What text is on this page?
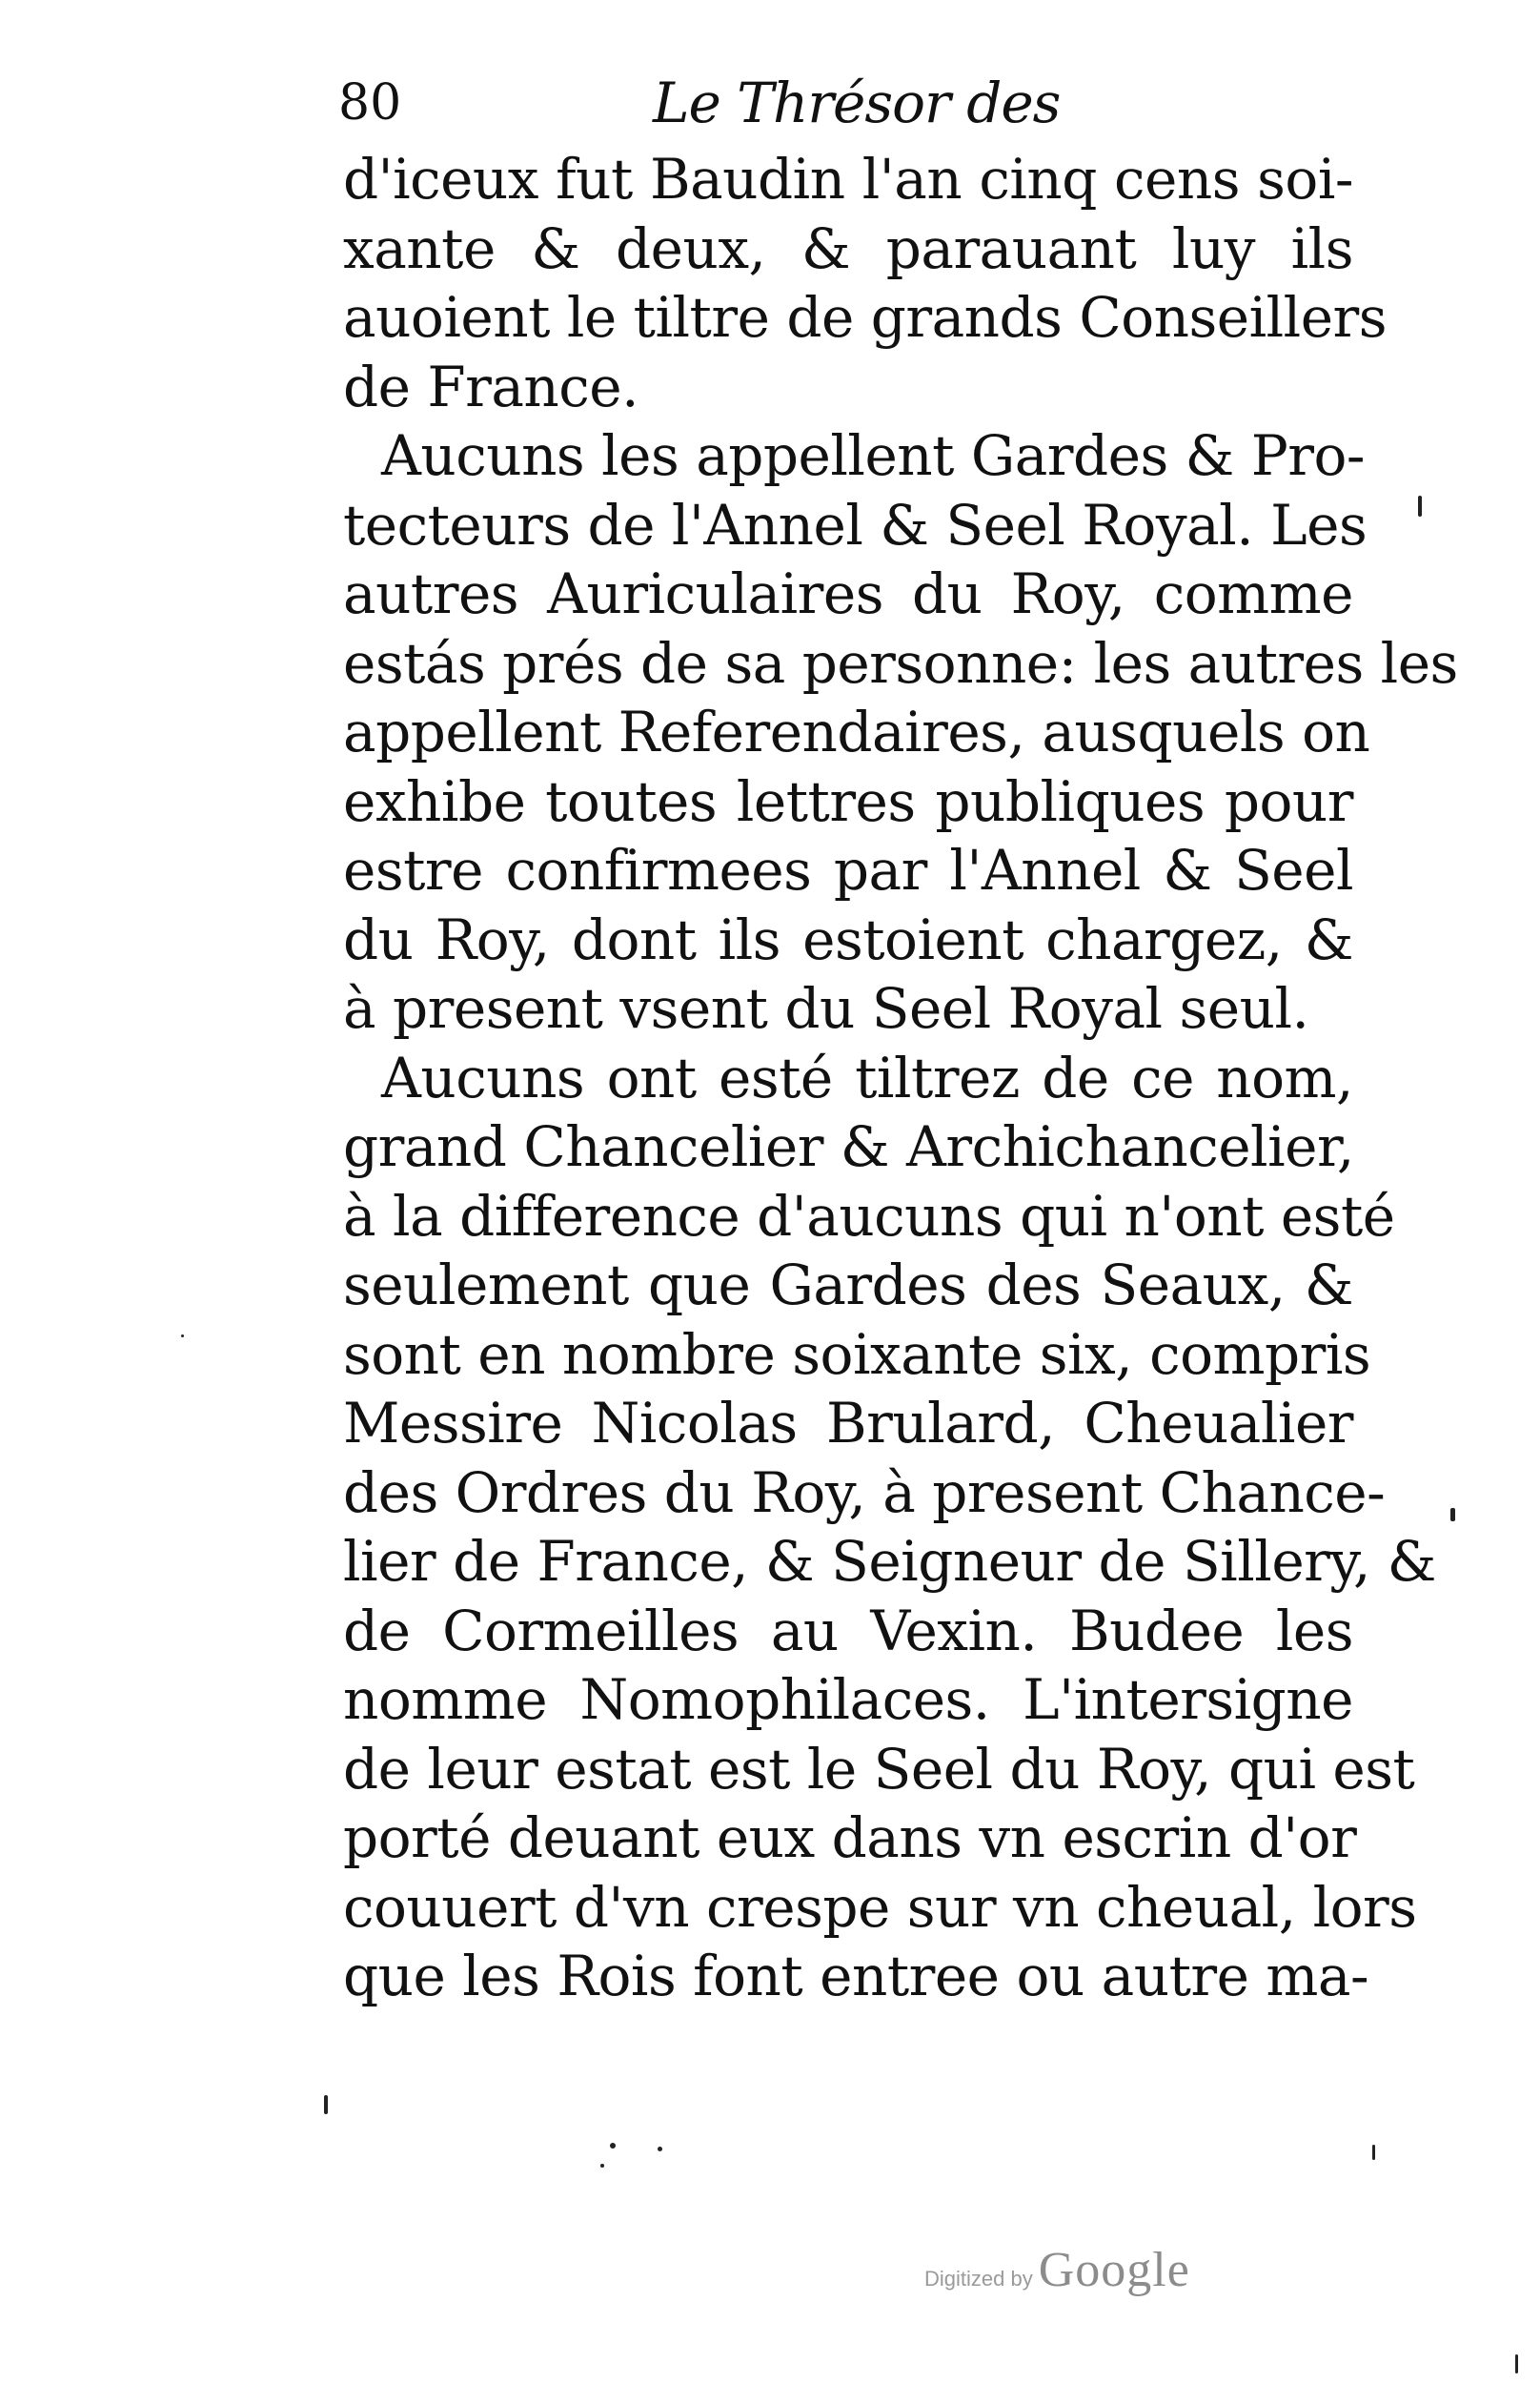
80	Le Thrésor des
d'iceux fut Baudin l'an cinq cens soi-
xante & deux, & parauant luy ils
auoient le tiltre de grands Conseillers
de France.
Aucuns les appellent Gardes & Pro-
tecteurs de l'Annel & Seel Royal. Les
autres Auriculaires du Roy, comme
estás prés de sa personne: les autres les
appellent Referendaires, ausquels on
exhibe toutes lettres publiques pour
estre confirmees par l'Annel & Seel
du Roy, dont ils estoient chargez, &
à present vsent du Seel Royal seul.
Aucuns ont esté tiltrez de ce nom,
grand Chancelier & Archichancelier,
à la difference d'aucuns qui n'ont esté
seulement que Gardes des Seaux, &
sont en nombre soixante six, compris
Messire Nicolas Brulard, Cheualier
des Ordres du Roy, à present Chance-
lier de France, & Seigneur de Sillery, &
de Cormeilles au Vexin. Budee les
nomme Nomophilaces. L'intersigne
de leur estat est le Seel du Roy, qui est
porté deuant eux dans vn escrin d'or
couuert d'vn crespe sur vn cheual, lors
que les Rois font entree ou autre ma-
Digitized by Google
